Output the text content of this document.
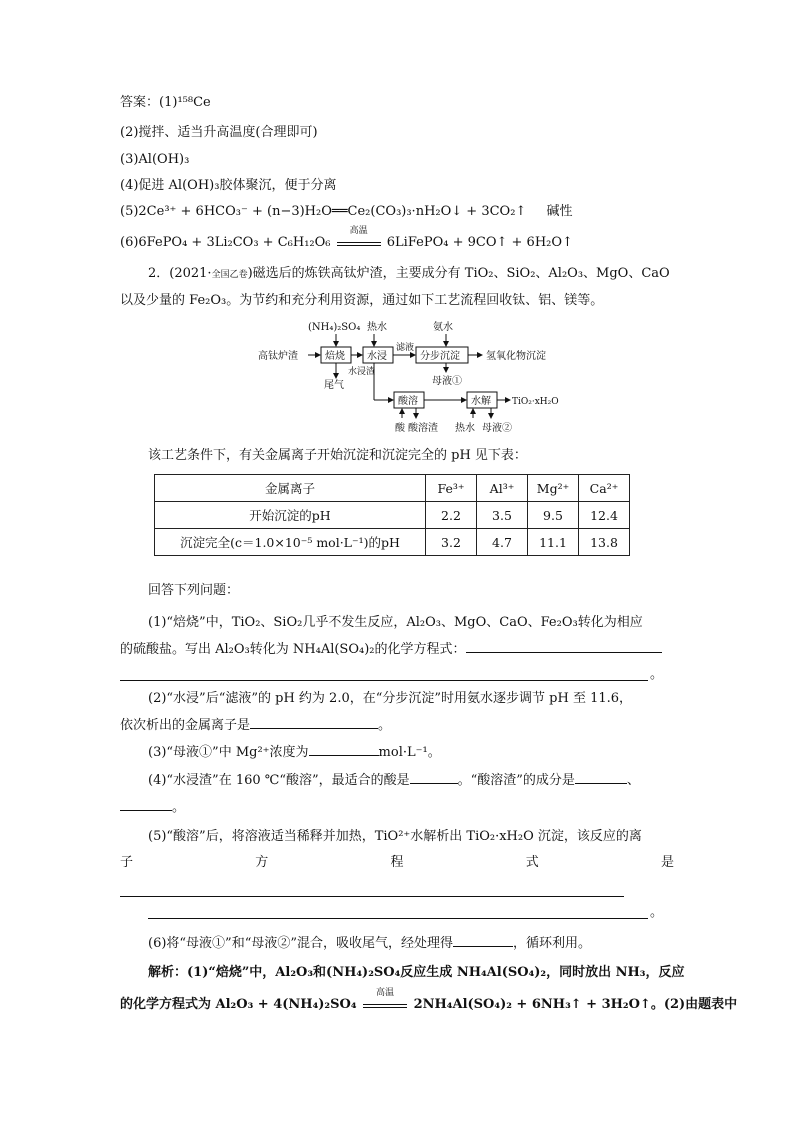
答案：(1)¹⁵⁸Ce
(2)搅拌、适当升高温度(合理即可)
(3)Al(OH)₃
(4)促进 Al(OH)₃胶体聚沉，便于分离
(5)2Ce³⁺ + 6HCO₃⁻ + (n−3)H₂O══Ce₂(CO₃)₃·nH₂O↓ + 3CO₂↑ 碱性
(6)6FePO₄ + 3Li₂CO₃ + C₆H₁₂O₆
高温
6LiFePO₄ + 9CO↑ + 6H₂O↑
2．(2021·全国乙卷)磁选后的炼铁高钛炉渣，主要成分有 TiO₂、SiO₂、Al₂O₃、MgO、CaO
以及少量的 Fe₂O₃。为节约和充分利用资源，通过如下工艺流程回收钛、铝、镁等。
(NH₄)₂SO₄ 热水	氨水
高钛炉渣	焙烧 水浸
滤液
分步沉淀	氢氧化物沉淀
母液①
尾气
水浸渣
酸溶
酸 酸溶渣
水解 TiO₂·xH₂O
热水 母液②
该工艺条件下，有关金属离子开始沉淀和沉淀完全的 pH 见下表：
金属离子	Fe³⁺	Al³⁺	Mg²⁺	Ca²⁺
开始沉淀的pH	2.2	3.5	9.5	12.4
沉淀完全(c＝1.0×10⁻⁵ mol·L⁻¹)的pH	3.2	4.7	11.1	13.8
回答下列问题：
(1)“焙烧”中，TiO₂、SiO₂几乎不发生反应，Al₂O₃、MgO、CaO、Fe₂O₃转化为相应
的硫酸盐。写出 Al₂O₃转化为 NH₄Al(SO₄)₂的化学方程式：
。
(2)“水浸”后“滤液”的 pH 约为 2.0，在“分步沉淀”时用氨水逐步调节 pH 至 11.6，
依次析出的金属离子是	。
(3)“母液①”中 Mg²⁺浓度为	mol·L⁻¹。
(4)“水浸渣”在 160 ℃“酸溶”，最适合的酸是	。“酸溶渣”的成分是	、
。
(5)“酸溶”后，将溶液适当稀释并加热，TiO²⁺水解析出 TiO₂·xH₂O 沉淀，该反应的离
子	方	程	式	是
。
(6)将“母液①”和“母液②”混合，吸收尾气，经处理得	，循环利用。
解析：(1)“焙烧”中，Al₂O₃和(NH₄)₂SO₄反应生成 NH₄Al(SO₄)₂，同时放出 NH₃，反应
的化学方程式为 Al₂O₃ + 4(NH₄)₂SO₄
高温
2NH₄Al(SO₄)₂ + 6NH₃↑ + 3H₂O↑。(2)由题表中
